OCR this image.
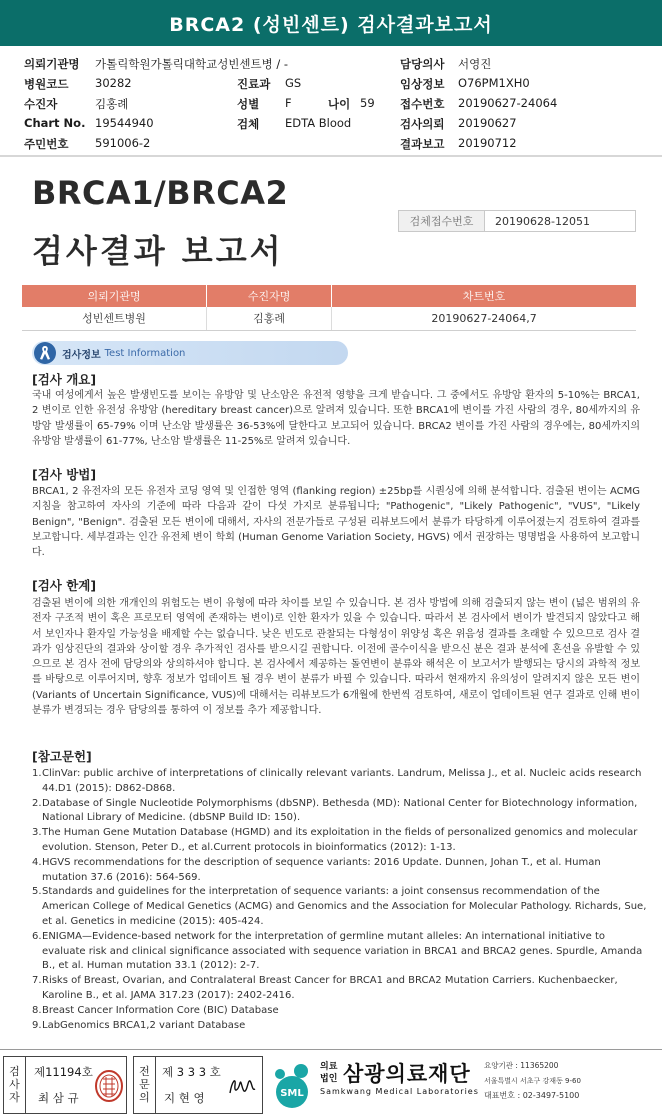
BRCA2 (성빈센트) 검사결과보고서
의뢰기관명 가톨릭학원가톨릭대학교성빈센트병 / -	담당의사 서영진
병원코드 30282	진료과 GS	임상정보 O76PM1XH0
수진자	김홍례	성별 F	나이 59 접수번호 20190627-24064
Chart No. 19544940	검체 EDTA Blood	검사의뢰 20190627
주민번호 591006-2	결과보고 20190712
BRCA1/BRCA2
검사결과 보고서
검체접수번호	20190628-12051
의뢰기관명	수진자명	차트번호
성빈센트병원	김홍례	20190627-24064,7
검사정보 Test Information
[검사 개요]
국내 여성에게서 높은 발생빈도를 보이는 유방암 및 난소암은 유전적 영향을 크게 받습니다. 그 중에서도 유방암 환자의 5-10%는 BRCA1, 2 변이로 인한 유전성 유방암 (hereditary breast cancer)으로 알려져 있습니다. 또한 BRCA1에 변이를 가진 사람의 경우, 80세까지의 유방암 발생률이 65-79% 이며 난소암 발생률은 36-53%에 달한다고 보고되어 있습니다. BRCA2 변이를 가진 사람의 경우에는, 80세까지의 유방암 발생률이 61-77%, 난소암 발생률은 11-25%로 알려져 있습니다.
[검사 방법]
BRCA1, 2 유전자의 모든 유전자 코딩 영역 및 인접한 영역 (flanking region) ±25bp를 시퀀싱에 의해 분석합니다. 검출된 변이는 ACMG 지침을 참고하여 자사의 기준에 따라 다음과 같이 다섯 가지로 분류됩니다; "Pathogenic", "Likely Pathogenic", "VUS", "Likely Benign", "Benign". 검출된 모든 변이에 대해서, 자사의 전문가들로 구성된 리뷰보드에서 분류가 타당하게 이루어졌는지 검토하여 결과를 보고합니다. 세부결과는 인간 유전체 변이 학회 (Human Genome Variation Society, HGVS) 에서 권장하는 명명법을 사용하여 보고합니다.
[검사 한계]
검출된 변이에 의한 개개인의 위험도는 변이 유형에 따라 차이를 보일 수 있습니다. 본 검사 방법에 의해 검출되지 않는 변이 (넓은 범위의 유전자 구조적 변이 혹은 프로모터 영역에 존재하는 변이)로 인한 환자가 있을 수 있습니다. 따라서 본 검사에서 변이가 발견되지 않았다고 해서 보인자나 환자일 가능성을 배제할 수는 없습니다. 낮은 빈도로 관찰되는 다형성이 위양성 혹은 위음성 결과를 초래할 수 있으므로 검사 결과가 임상진단의 결과와 상이할 경우 추가적인 검사를 받으시길 권합니다. 이전에 골수이식을 받으신 분은 결과 분석에 혼선을 유발할 수 있으므로 본 검사 전에 담당의와 상의하셔야 합니다. 본 검사에서 제공하는 돌연변이 분류와 해석은 이 보고서가 발행되는 당시의 과학적 정보를 바탕으로 이루어지며, 향후 정보가 업데이트 될 경우 변이 분류가 바뀔 수 있습니다. 따라서 현재까지 유의성이 알려지지 않은 모든 변이 (Variants of Uncertain Significance, VUS)에 대해서는 리뷰보드가 6개월에 한번씩 검토하여, 새로이 업데이트된 연구 결과로 인해 변이 분류가 변경되는 경우 담당의를 통하여 이 정보를 추가 제공합니다.
[참고문헌]
1. ClinVar: public archive of interpretations of clinically relevant variants. Landrum, Melissa J., et al. Nucleic acids research 44.D1 (2015): D862-D868.
2. Database of Single Nucleotide Polymorphisms (dbSNP). Bethesda (MD): National Center for Biotechnology information, National Library of Medicine. (dbSNP Build ID: 150).
3. The Human Gene Mutation Database (HGMD) and its exploitation in the fields of personalized genomics and molecular evolution. Stenson, Peter D., et al.Current protocols in bioinformatics (2012): 1-13.
4. HGVS recommendations for the description of sequence variants: 2016 Update. Dunnen, Johan T., et al. Human mutation 37.6 (2016): 564-569.
5. Standards and guidelines for the interpretation of sequence variants: a joint consensus recommendation of the American College of Medical Genetics (ACMG) and Genomics and the Association for Molecular Pathology. Richards, Sue, et al. Genetics in medicine (2015): 405-424.
6. ENIGMA—Evidence-based network for the interpretation of germline mutant alleles: An international initiative to evaluate risk and clinical significance associated with sequence variation in BRCA1 and BRCA2 genes. Spurdle, Amanda B., et al. Human mutation 33.1 (2012): 2-7.
7. Risks of Breast, Ovarian, and Contralateral Breast Cancer for BRCA1 and BRCA2 Mutation Carriers. Kuchenbaecker, Karoline B., et al. JAMA 317.23 (2017): 2402-2416.
8. Breast Cancer Information Core (BIC) Database
9. LabGenomics BRCA1,2 variant Database
검사자
제11194호
최 삼 규
전문의
제 3 3 3 호
지 현 영	SML
의료
법인 삼광의료재단
Samkwang Medical Laboratories
요양기관 : 11365200
서울특별시 서초구 강재동 9-60
대표번호 : 02-3497-5100
